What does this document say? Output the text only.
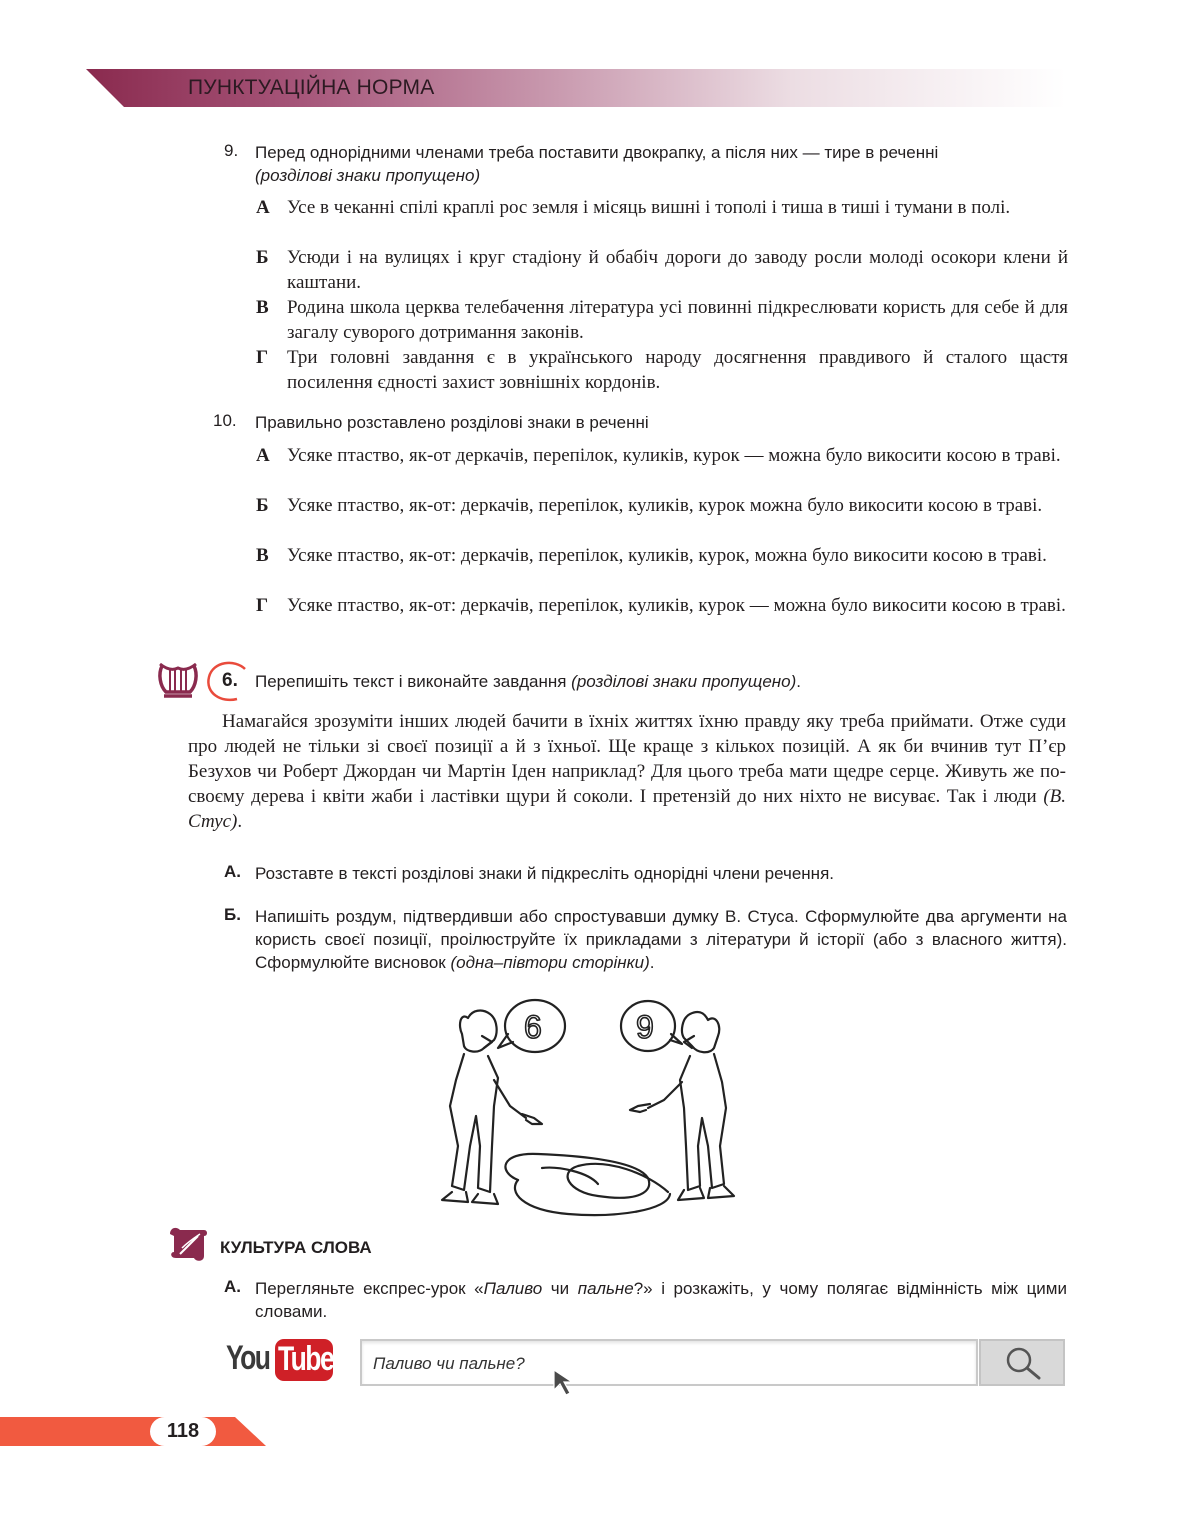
ПУНКТУАЦІЙНА НОРМА
9. Перед однорідними членами треба поставити двокрапку, а після них — тире в реченні
(розділові знаки пропущено)
А Усе в чеканні спілі краплі рос земля і місяць вишні і тополі і тиша в тиші і тумани в полі.
Б Усюди і на вулицях і круг стадіону й обабіч дороги до заводу росли молоді осокори клени й каштани.
В Родина школа церква телебачення література усі повинні підкреслювати користь для себе й для загалу суворого дотримання законів.
Г Три головні завдання є в українського народу досягнення правдивого й сталого щастя посилення єдності захист зовнішніх кордонів.
10. Правильно розставлено розділові знаки в реченні
А Усяке птаство, як-от деркачів, перепілок, куликів, курок — можна було викосити косою в траві.
Б Усяке птаство, як-от: деркачів, перепілок, куликів, курок можна було викосити косою в траві.
В Усяке птаство, як-от: деркачів, перепілок, куликів, курок, можна було викосити косою в траві.
Г Усяке птаство, як-от: деркачів, перепілок, куликів, курок — можна було викосити косою в траві.
6. Перепишіть текст і виконайте завдання (розділові знаки пропущено).
Намагайся зрозуміти інших людей бачити в їхніх життях їхню правду яку треба приймати. Отже суди про людей не тільки зі своєї позиції а й з їхньої. Ще краще з кількох позицій. А як би вчинив тут П’єр Безухов чи Роберт Джордан чи Мартін Іден наприклад? Для цього треба мати щедре серце. Живуть же по-своєму дерева і квіти жаби і ластівки щури й соколи. І претензій до них ніхто не висуває. Так і люди (В. Стус).
А. Розставте в тексті розділові знаки й підкресліть однорідні члени речення.
Б. Напишіть роздум, підтвердивши або спростувавши думку В. Стуса. Сформулюйте два аргументи на користь своєї позиції, проілюструйте їх прикладами з літератури й історії (або з власного життя). Сформулюйте висновок (одна–півтори сторінки).
6	9
КУЛЬТУРА СЛОВА
А. Перегляньте експрес-урок «Паливо чи пальне?» і розкажіть, у чому полягає відмінність між цими словами.
You Tube Паливо чи пальне?
118
